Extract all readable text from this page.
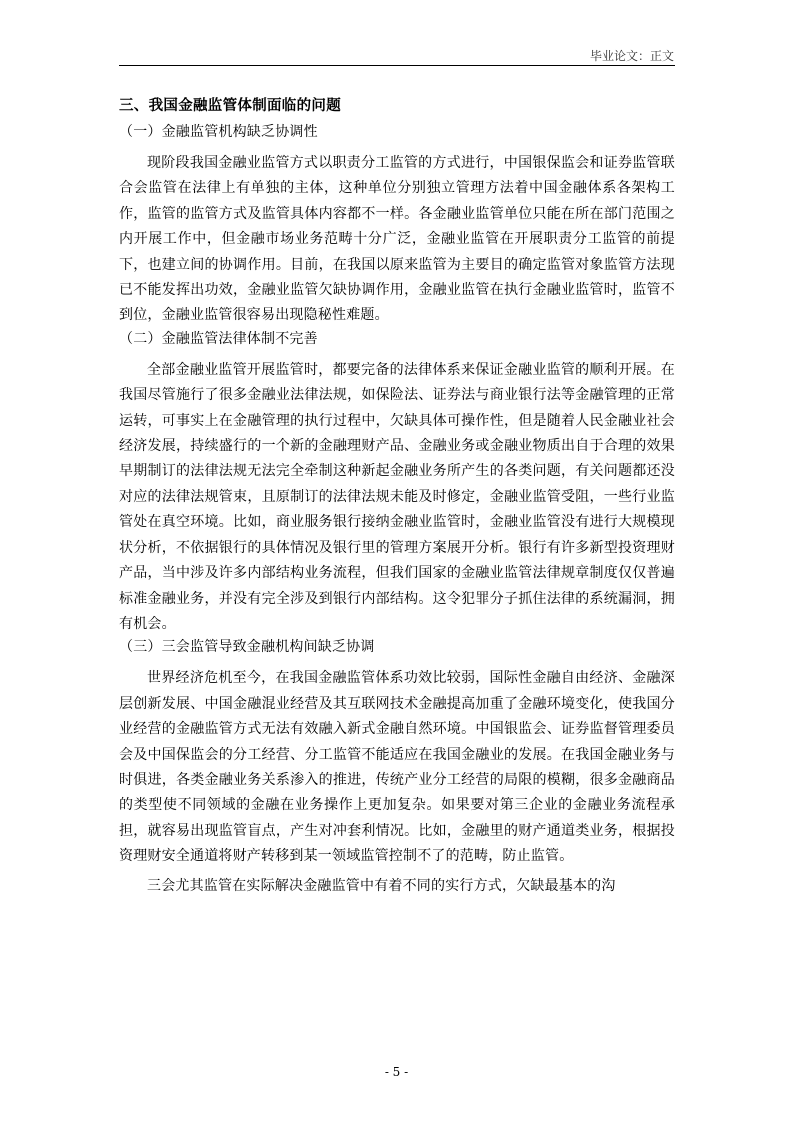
毕业论文：正文
三、我国金融监管体制面临的问题
（一）金融监管机构缺乏协调性

现阶段我国金融业监管方式以职责分工监管的方式进行，中国银保监会和证券监管联合会监管在法律上有单独的主体，这种单位分别独立管理方法着中国金融体系各架构工作，监管的监管方式及监管具体内容都不一样。各金融业监管单位只能在所在部门范围之内开展工作中，但金融市场业务范畴十分广泛，金融业监管在开展职责分工监管的前提下，也建立间的协调作用。目前，在我国以原来监管为主要目的确定监管对象监管方法现已不能发挥出功效，金融业监管欠缺协调作用，金融业监管在执行金融业监管时，监管不到位，金融业监管很容易出现隐秘性难题。

（二）金融监管法律体制不完善

全部金融业监管开展监管时，都要完备的法律体系来保证金融业监管的顺利开展。在我国尽管施行了很多金融业法律法规，如保险法、证券法与商业银行法等金融管理的正常运转，可事实上在金融管理的执行过程中，欠缺具体可操作性，但是随着人民金融业社会经济发展，持续盛行的一个新的金融理财产品、金融业务或金融业物质出自于合理的效果早期制订的法律法规无法完全牵制这种新起金融业务所产生的各类问题，有关问题都还没对应的法律法规管束，且原制订的法律法规未能及时修定，金融业监管受阻，一些行业监管处在真空环境。比如，商业服务银行接纳金融业监管时，金融业监管没有进行大规模现状分析，不依据银行的具体情况及银行里的管理方案展开分析。银行有许多新型投资理财产品，当中涉及许多内部结构业务流程，但我们国家的金融业监管法律规章制度仅仅普遍标准金融业务，并没有完全涉及到银行内部结构。这令犯罪分子抓住法律的系统漏洞，拥有机会。

（三）三会监管导致金融机构间缺乏协调

世界经济危机至今，在我国金融监管体系功效比较弱，国际性金融自由经济、金融深层创新发展、中国金融混业经营及其互联网技术金融提高加重了金融环境变化，使我国分业经营的金融监管方式无法有效融入新式金融自然环境。中国银监会、证券监督管理委员会及中国保监会的分工经营、分工监管不能适应在我国金融业的发展。在我国金融业务与时俱进，各类金融业务关系渗入的推进，传统产业分工经营的局限的模糊，很多金融商品的类型使不同领域的金融在业务操作上更加复杂。如果要对第三企业的金融业务流程承担，就容易出现监管盲点，产生对冲套利情况。比如，金融里的财产通道类业务，根据投资理财安全通道将财产转移到某一领域监管控制不了的范畴，防止监管。

三会尤其监管在实际解决金融监管中有着不同的实行方式，欠缺最基本的沟

- 5 -
